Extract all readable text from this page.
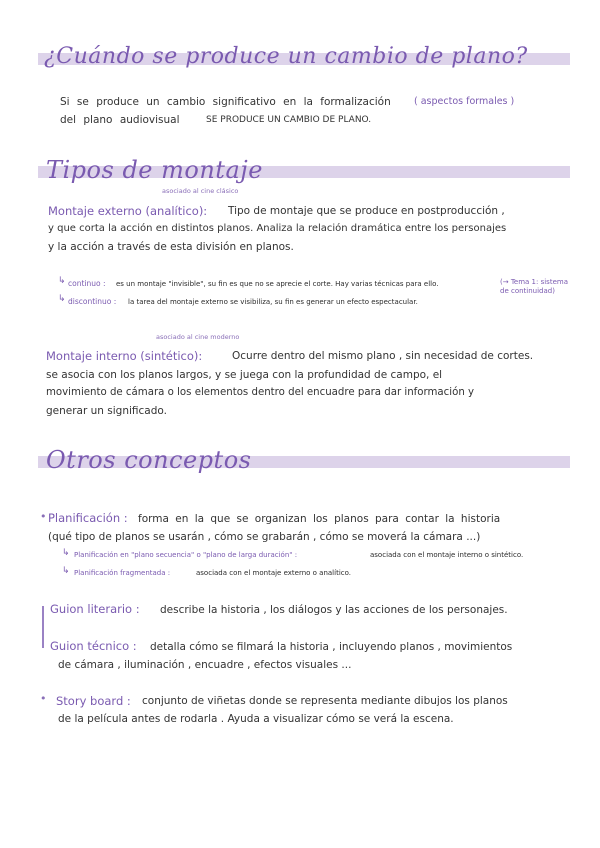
¿Cuándo se produce un cambio de plano?
Si se produce un cambio significativo en la formalización ( aspectos formales )
del plano audiovisual	SE PRODUCE UN CAMBIO DE PLANO.
Tipos de montaje
asociado al cine clásico
Montaje externo (analítico): Tipo de montaje que se produce en postproducción ,
y que corta la acción en distintos planos. Analiza la relación dramática entre los personajes
y la acción a través de esta división en planos.
↳ continuo : es un montaje "invisible", su fin es que no se aprecie el corte. Hay varias técnicas para ello.	(→ Tema 1: sistema de continuidad)
↳ discontinuo : la tarea del montaje externo se visibiliza, su fin es generar un efecto espectacular.
asociado al cine moderno
Montaje interno (sintético):	Ocurre dentro del mismo plano , sin necesidad de cortes.
se asocia con los planos largos, y se juega con la profundidad de campo, el
movimiento de cámara o los elementos dentro del encuadre para dar información y
generar un significado.
Otros conceptos
• Planificación : forma en la que se organizan los planos para contar la historia
(qué tipo de planos se usarán , cómo se grabarán , cómo se moverá la cámara ...)
↳ Planificación en "plano secuencia" o "plano de larga duración" :	asociada con el montaje interno o sintético.
↳ Planificación fragmentada :	asociada con el montaje externo o analítico.
Guion literario : describe la historia , los diálogos y las acciones de los personajes.
Guion técnico : detalla cómo se filmará la historia , incluyendo planos , movimientos
de cámara , iluminación , encuadre , efectos visuales ...
• Story board : conjunto de viñetas donde se representa mediante dibujos los planos
de la película antes de rodarla . Ayuda a visualizar cómo se verá la escena.
